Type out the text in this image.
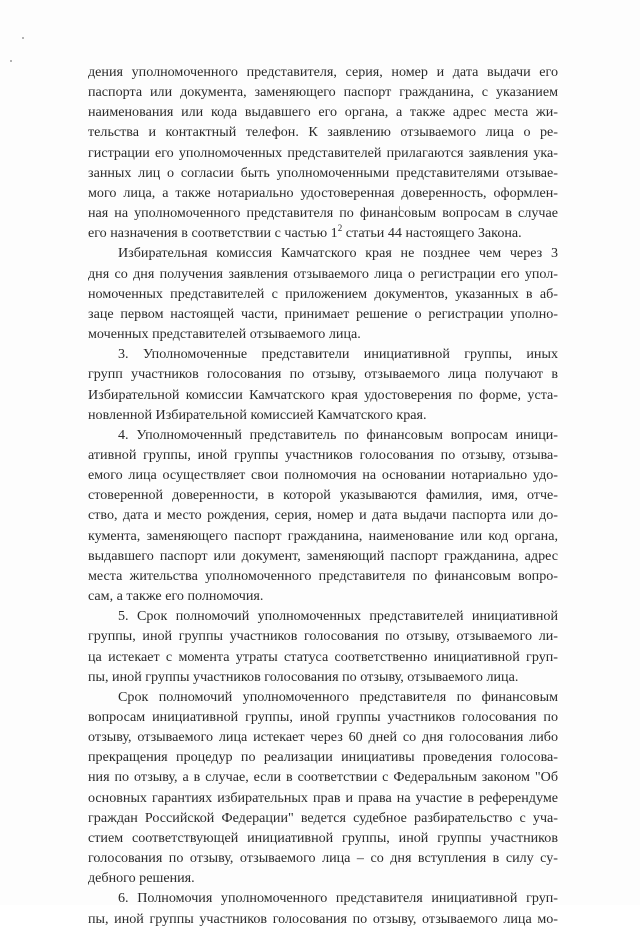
дения уполномоченного представителя, серия, номер и дата выдачи его
паспорта или документа, заменяющего паспорт гражданина, с указанием
наименования или кода выдавшего его органа, а также адрес места жи-
тельства и контактный телефон. К заявлению отзываемого лица о ре-
гистрации его уполномоченных представителей прилагаются заявления ука-
занных лиц о согласии быть уполномоченными представителями отзывае-
мого лица, а также нотариально удостоверенная доверенность, оформлен-
ная на уполномоченного представителя по финансовым вопросам в случае
его назначения в соответствии с частью $1^2$ статьи 44 настоящего Закона.

Избирательная комиссия Камчатского края не позднее чем через 3
дня со дня получения заявления отзываемого лица о регистрации его упол-
номоченных представителей с приложением документов, указанных в аб-
заце первом настоящей части, принимает решение о регистрации уполно-
моченных представителей отзываемого лица.

3. Уполномоченные представители инициативной группы, иных
групп участников голосования по отзыву, отзываемого лица получают в
Избирательной комиссии Камчатского края удостоверения по форме, уста-
новленной Избирательной комиссией Камчатского края.

4. Уполномоченный представитель по финансовым вопросам иници-
ативной группы, иной группы участников голосования по отзыву, отзыва-
емого лица осуществляет свои полномочия на основании нотариально удо-
стоверенной доверенности, в которой указываются фамилия, имя, отче-
ство, дата и место рождения, серия, номер и дата выдачи паспорта или до-
кумента, заменяющего паспорт гражданина, наименование или код органа,
выдавшего паспорт или документ, заменяющий паспорт гражданина, адрес
места жительства уполномоченного представителя по финансовым вопро-
сам, а также его полномочия.

5. Срок полномочий уполномоченных представителей инициативной
группы, иной группы участников голосования по отзыву, отзываемого ли-
ца истекает с момента утраты статуса соответственно инициативной груп-
пы, иной группы участников голосования по отзыву, отзываемого лица.

Срок полномочий уполномоченного представителя по финансовым
вопросам инициативной группы, иной группы участников голосования по
отзыву, отзываемого лица истекает через 60 дней со дня голосования либо
прекращения процедур по реализации инициативы проведения голосова-
ния по отзыву, а в случае, если в соответствии с Федеральным законом "Об
основных гарантиях избирательных прав и права на участие в референдуме
граждан Российской Федерации" ведется судебное разбирательство с уча-
стием соответствующей инициативной группы, иной группы участников
голосования по отзыву, отзываемого лица – со дня вступления в силу су-
дебного решения.

6. Полномочия уполномоченного представителя инициативной груп-
пы, иной группы участников голосования по отзыву, отзываемого лица мо-
